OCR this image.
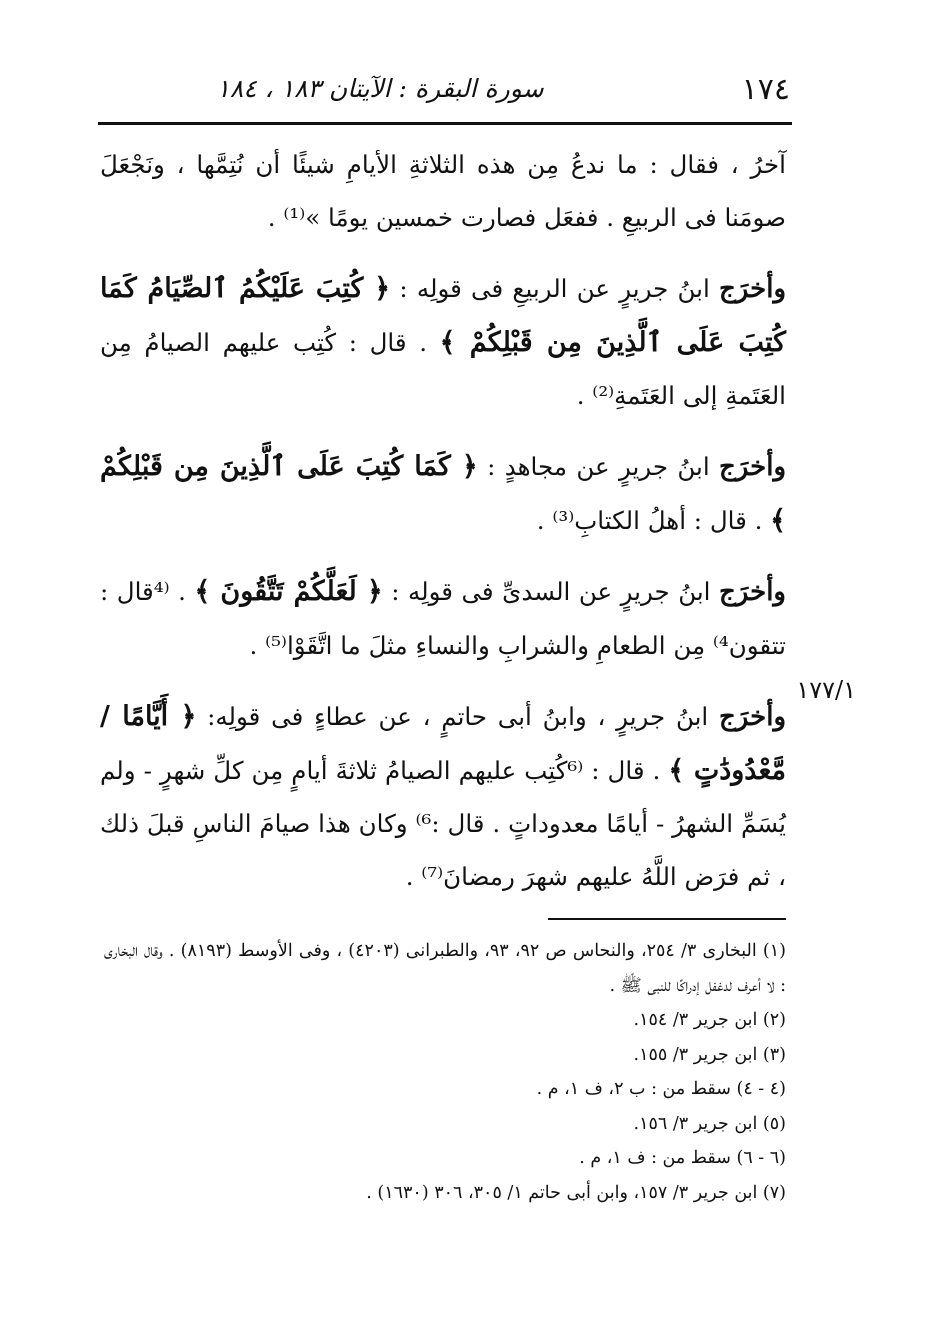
١٧٤
سورة البقرة : الآيتان ١٨٣ ، ١٨٤

آخرُ ، فقال : ما ندعُ مِن هذه الثلاثةِ الأيامِ شيئًا أن نُتِمَّها ، ونَجْعَلَ صومَنا فى الربيعِ . ففعَل فصارت خمسين يومًا »⁽¹⁾ .

وأخرَج ابنُ جريرٍ عن الربيعِ فى قولِه : ﴿ كُتِبَ عَلَيْكُمُ ٱلصِّيَامُ كَمَا كُتِبَ عَلَى ٱلَّذِينَ مِن قَبْلِكُمْ ﴾ . قال : كُتِب عليهم الصيامُ مِن العَتَمةِ إلى العَتَمةِ⁽²⁾ .

وأخرَج ابنُ جريرٍ عن مجاهدٍ : ﴿ كَمَا كُتِبَ عَلَى ٱلَّذِينَ مِن قَبْلِكُمْ ﴾ . قال : أهلُ الكتابِ⁽³⁾ .

وأخرَج ابنُ جريرٍ عن السدىِّ فى قولِه : ﴿ لَعَلَّكُمْ تَتَّقُونَ ﴾ . ⁽⁴قال : تتقون⁴⁾ مِن الطعامِ والشرابِ والنساءِ مثلَ ما اتَّقَوْا⁽⁵⁾ .

وأخرَج ابنُ جريرٍ ، وابنُ أبى حاتمٍ ، عن عطاءٍ فى قولِه: ﴿ أَيَّامًا / مَّعْدُودَٰتٍ ﴾ . قال : ⁽⁶كُتِب عليهم الصيامُ ثلاثةَ أيامٍ مِن كلِّ شهرٍ - ولم يُسَمِّ الشهرُ - أيامًا معدوداتٍ . قال :⁶⁾ وكان هذا صيامَ الناسِ قبلَ ذلك ، ثم فرَض اللَّهُ عليهم شهرَ رمضانَ⁽⁷⁾ .

١٧٧/١

(١) البخارى ٣/ ٢٥٤، والنحاس ص ٩٢، ٩٣، والطبرانى (٤٢٠٣) ، وفى الأوسط (٨١٩٣) . وقال البخارى : لا أعرف لدغفل إدراكًا للنبى ﷺ .

(٢) ابن جرير ٣/ ١٥٤.

(٣) ابن جرير ٣/ ١٥٥.

(٤ - ٤) سقط من : ب ٢، ف ١، م .

(٥) ابن جرير ٣/ ١٥٦.

(٦ - ٦) سقط من : ف ١، م .

(٧) ابن جرير ٣/ ١٥٧، وابن أبى حاتم ١/ ٣٠٥، ٣٠٦ (١٦٣٠) .
